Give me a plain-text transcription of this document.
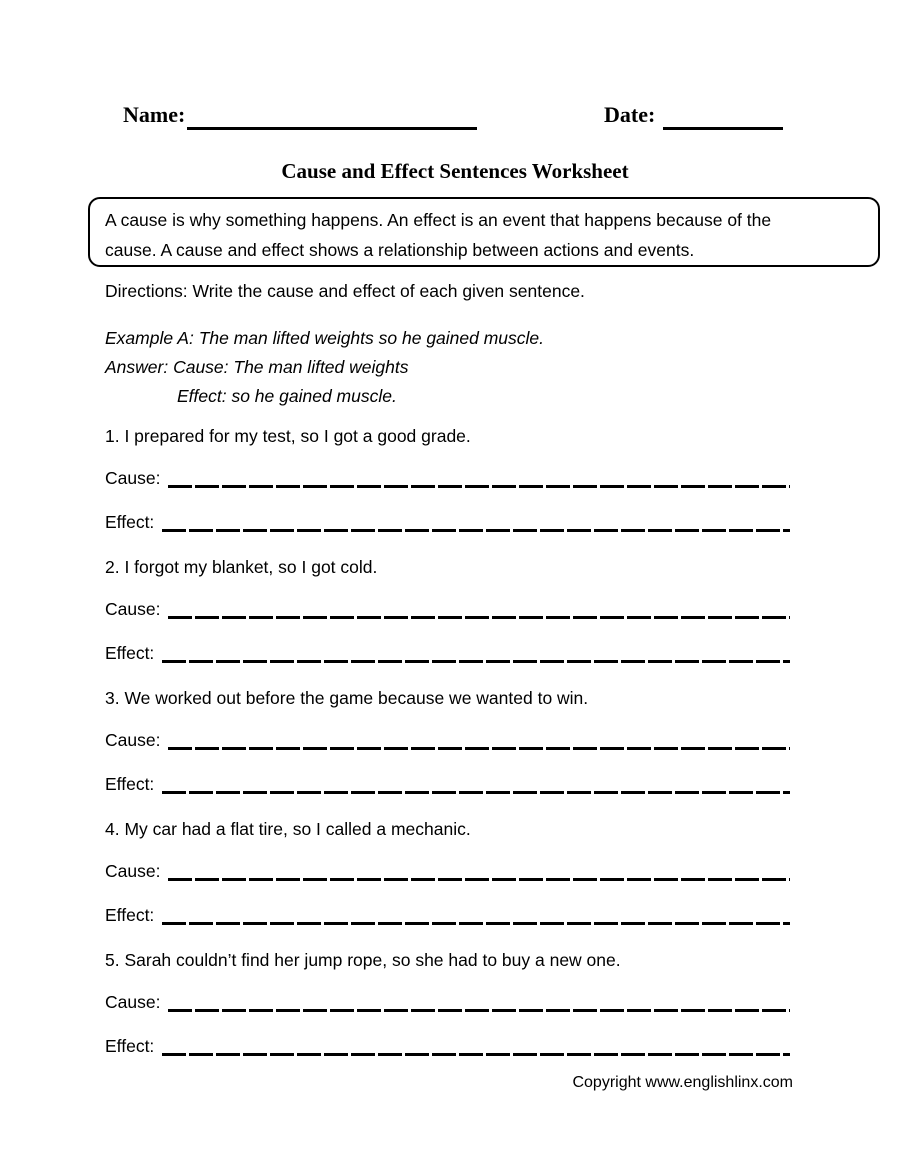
Name:	Date:
Cause and Effect Sentences Worksheet
A cause is why something happens. An effect is an event that happens because of the
cause. A cause and effect shows a relationship between actions and events.
Directions: Write the cause and effect of each given sentence.
Example A: The man lifted weights so he gained muscle.
Answer: Cause: The man lifted weights
Effect: so he gained muscle.
1. I prepared for my test, so I got a good grade.
Cause:
Effect:
2. I forgot my blanket, so I got cold.
Cause:
Effect:
3. We worked out before the game because we wanted to win.
Cause:
Effect:
4. My car had a flat tire, so I called a mechanic.
Cause:
Effect:
5. Sarah couldn’t find her jump rope, so she had to buy a new one.
Cause:
Effect:
Copyright www.englishlinx.com
